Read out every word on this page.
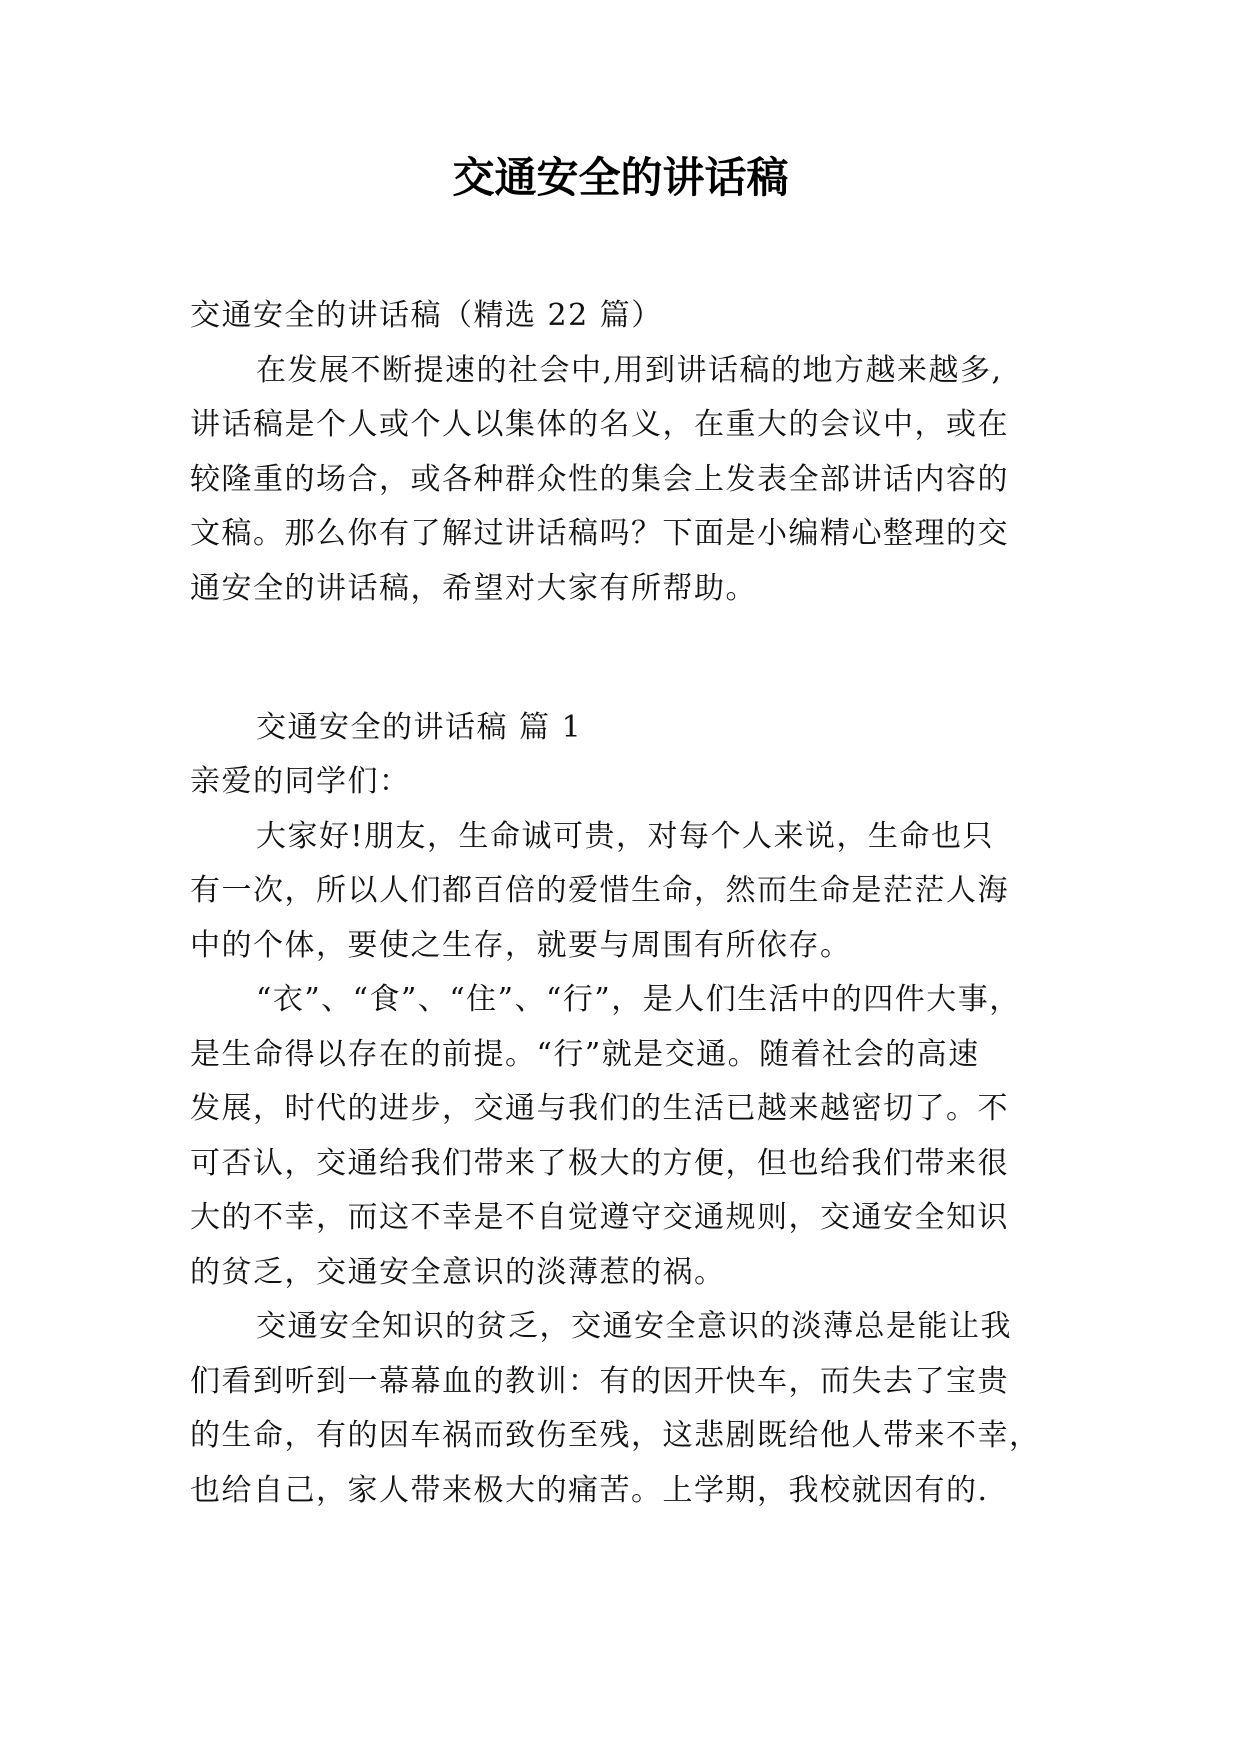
交通安全的讲话稿
交通安全的讲话稿（精选 22 篇）
在发展不断提速的社会中,用到讲话稿的地方越来越多,
讲话稿是个人或个人以集体的名义，在重大的会议中，或在
较隆重的场合，或各种群众性的集会上发表全部讲话内容的
文稿。那么你有了解过讲话稿吗？下面是小编精心整理的交
通安全的讲话稿，希望对大家有所帮助。
交通安全的讲话稿 篇 1
亲爱的同学们：
大家好!朋友，生命诚可贵，对每个人来说，生命也只
有一次，所以人们都百倍的爱惜生命，然而生命是茫茫人海
中的个体，要使之生存，就要与周围有所依存。
“衣”、“食”、“住”、“行”，是人们生活中的四件大事，
是生命得以存在的前提。“行”就是交通。随着社会的高速
发展，时代的进步，交通与我们的生活已越来越密切了。不
可否认，交通给我们带来了极大的方便，但也给我们带来很
大的不幸，而这不幸是不自觉遵守交通规则，交通安全知识
的贫乏，交通安全意识的淡薄惹的祸。
交通安全知识的贫乏，交通安全意识的淡薄总是能让我
们看到听到一幕幕血的教训：有的因开快车，而失去了宝贵
的生命，有的因车祸而致伤至残，这悲剧既给他人带来不幸，
也给自己，家人带来极大的痛苦。上学期，我校就因有的.
